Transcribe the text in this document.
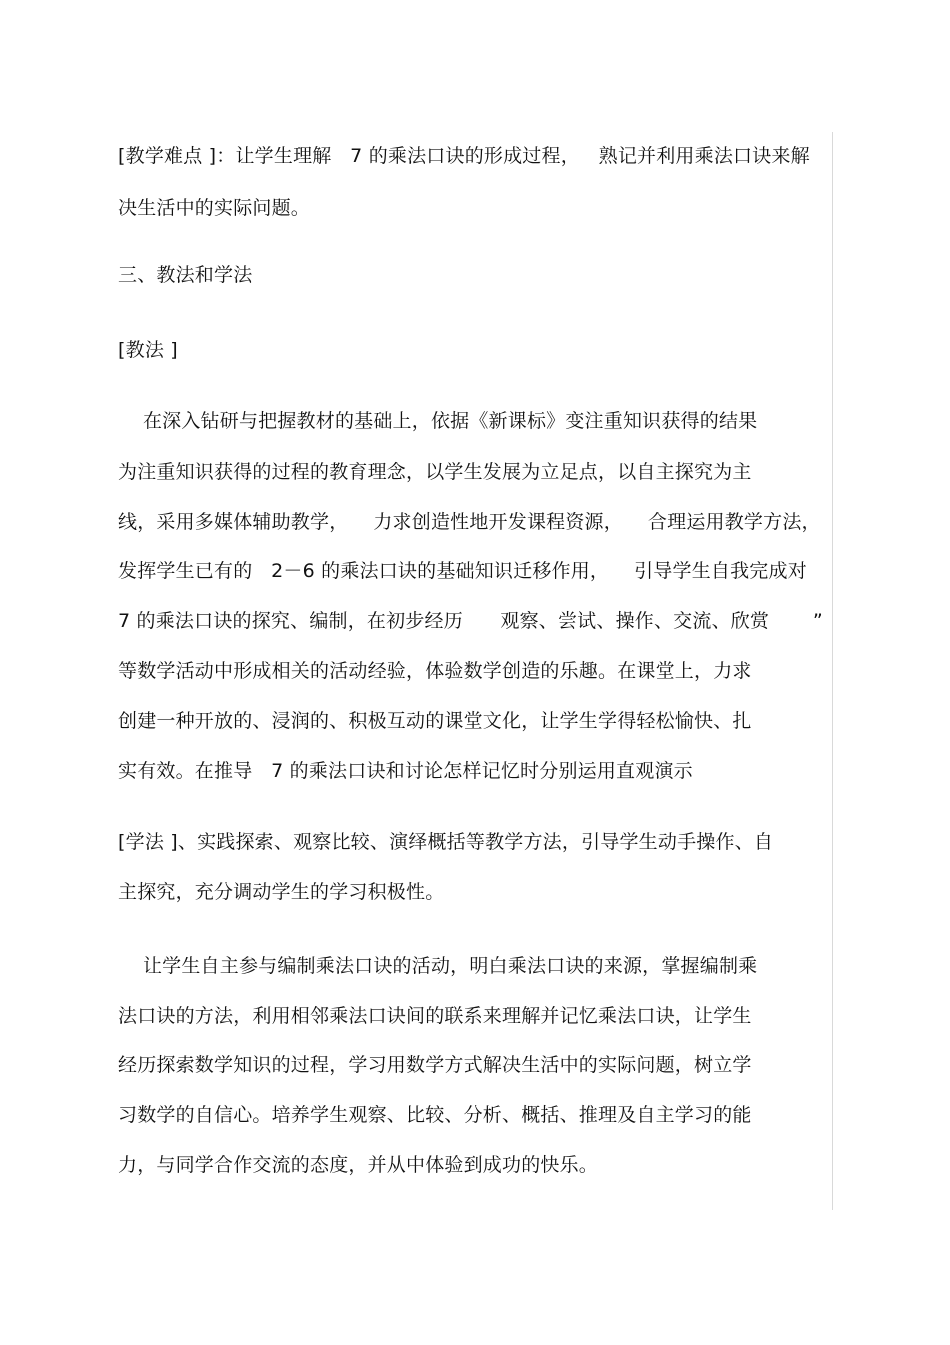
[教学难点 ]：让学生理解   7 的乘法口诀的形成过程，   熟记并利用乘法口诀来解
决生活中的实际问题。
三、教法和学法
[教法 ]
在深入钻研与把握教材的基础上，依据《新课标》变注重知识获得的结果
为注重知识获得的过程的教育理念，以学生发展为立足点，以自主探究为主
线，采用多媒体辅助教学，    力求创造性地开发课程资源，    合理运用教学方法，
发挥学生已有的   2－6 的乘法口诀的基础知识迁移作用，    引导学生自我完成对
7 的乘法口诀的探究、编制，在初步经历      观察、尝试、操作、交流、欣赏       ”
等数学活动中形成相关的活动经验，体验数学创造的乐趣。在课堂上，力求
创建一种开放的、浸润的、积极互动的课堂文化，让学生学得轻松愉快、扎
实有效。在推导   7 的乘法口诀和讨论怎样记忆时分别运用直观演示
[学法 ]、实践探索、观察比较、演绎概括等教学方法，引导学生动手操作、自
主探究，充分调动学生的学习积极性。
让学生自主参与编制乘法口诀的活动，明白乘法口诀的来源，掌握编制乘
法口诀的方法，利用相邻乘法口诀间的联系来理解并记忆乘法口诀，让学生
经历探索数学知识的过程，学习用数学方式解决生活中的实际问题，树立学
习数学的自信心。培养学生观察、比较、分析、概括、推理及自主学习的能
力，与同学合作交流的态度，并从中体验到成功的快乐。
